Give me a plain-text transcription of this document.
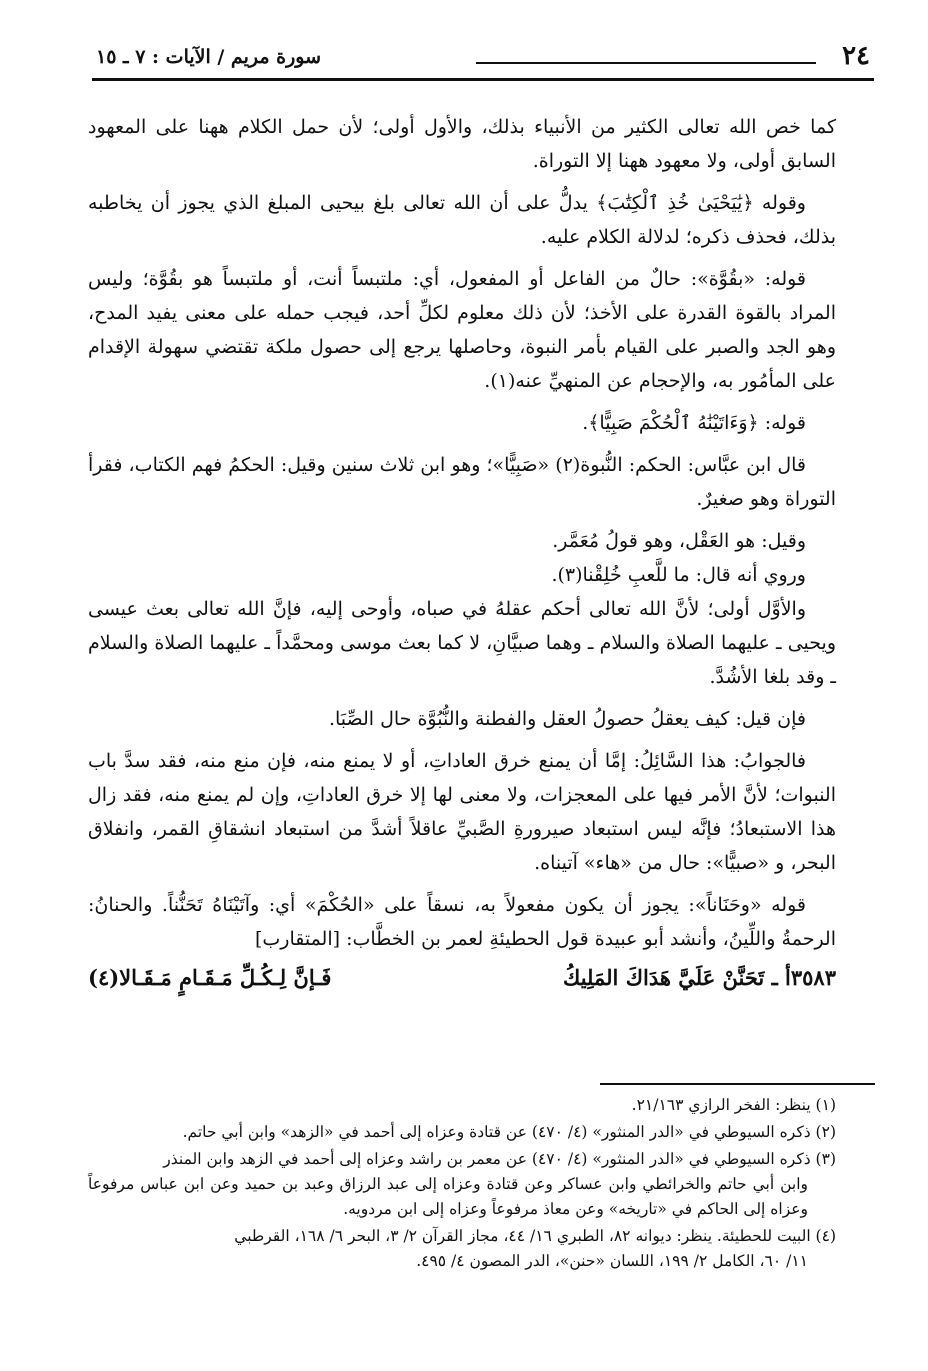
٢٤
سورة مريم / الآيات : ٧ ـ ١٥

كما خص الله تعالى الكثير من الأنبياء بذلك، والأول أولى؛ لأن حمل الكلام ههنا على المعهود السابق أولى، ولا معهود ههنا إلا التوراة.

وقوله ﴿يَٰيَحْيَىٰ خُذِ ٱلْكِتَٰبَ﴾ يدلُّ على أن الله تعالى بلغ بيحيى المبلغ الذي يجوز أن يخاطبه بذلك، فحذف ذكره؛ لدلالة الكلام عليه.

قوله: «بقُوَّة»: حالٌ من الفاعل أو المفعول، أي: ملتبساً أنت، أو ملتبساً هو بقُوَّة؛ وليس المراد بالقوة القدرة على الأخذ؛ لأن ذلك معلوم لكلِّ أحد، فيجب حمله على معنى يفيد المدح، وهو الجد والصبر على القيام بأمر النبوة، وحاصلها يرجع إلى حصول ملكة تقتضي سهولة الإقدام على المأمُور به، والإحجام عن المنهيِّ عنه(١).

قوله: ﴿وَءَاتَيْنَٰهُ ٱلْحُكْمَ صَبِيًّا﴾.

قال ابن عبَّاس: الحكم: النُّبوة(٢) «صَبِيًّا»؛ وهو ابن ثلاث سنين وقيل: الحكمُ فهم الكتاب، فقرأ التوراة وهو صغيرٌ.

وقيل: هو العَقْل، وهو قولُ مُعَمَّر.

وروي أنه قال: ما للَّعبِ خُلِقْنا(٣).

والأوَّل أولى؛ لأنَّ الله تعالى أحكم عقلهُ في صباه، وأوحى إليه، فإنَّ الله تعالى بعث عيسى ويحيى ـ عليهما الصلاة والسلام ـ وهما صبيَّانِ، لا كما بعث موسى ومحمَّداً ـ عليهما الصلاة والسلام ـ وقد بلغا الأشُدَّ.

فإن قيل: كيف يعقلُ حصولُ العقل والفطنة والنُّبُوَّة حال الصِّبَا.

فالجوابُ: هذا السَّائِلُ: إمَّا أن يمنع خرق العاداتِ، أو لا يمنع منه، فإن منع منه، فقد سدَّ باب النبوات؛ لأنَّ الأمر فيها على المعجزات، ولا معنى لها إلا خرق العاداتِ، وإن لم يمنع منه، فقد زال هذا الاستبعادُ؛ فإنَّه ليس استبعاد صيرورةِ الصَّبيِّ عاقلاً أشدَّ من استبعاد انشقاقِ القمر، وانفلاق البحر، و «صبيًّا»: حال من «هاء» آتيناه.

قوله «وحَنَاناً»: يجوز أن يكون مفعولاً به، نسقاً على «الحُكْمَ» أي: وآتَيْنَاهُ تَحَنُّناً. والحنانُ: الرحمةُ واللِّينُ، وأنشد أبو عبيدة قول الحطيئةِ لعمر بن الخطَّاب: [المتقارب]

٣٥٨٣أ ـ تَحَنَّنْ عَلَيَّ هَدَاكَ المَلِيكُ
فَـإنَّ لِـكُـلِّ مَـقَـامٍ مَـقَـالا(٤)

(١) ينظر: الفخر الرازي ٢١/١٦٣.

(٢) ذكره السيوطي في «الدر المنثور» (٤/ ٤٧٠) عن قتادة وعزاه إلى أحمد في «الزهد» وابن أبي حاتم.

(٣) ذكره السيوطي في «الدر المنثور» (٤/ ٤٧٠) عن معمر بن راشد وعزاه إلى أحمد في الزهد وابن المنذر
وابن أبي حاتم والخرائطي وابن عساكر وعن قتادة وعزاه إلى عبد الرزاق وعبد بن حميد وعن ابن عباس مرفوعاً وعزاه إلى الحاكم في «تاريخه» وعن معاذ مرفوعاً وعزاه إلى ابن مردويه.

(٤) البيت للحطيئة. ينظر: ديوانه ٨٢، الطبري ١٦/ ٤٤، مجاز القرآن ٢/ ٣، البحر ٦/ ١٦٨، القرطبي
١١/ ٦٠، الكامل ٢/ ١٩٩، اللسان «حنن»، الدر المصون ٤/ ٤٩٥.
